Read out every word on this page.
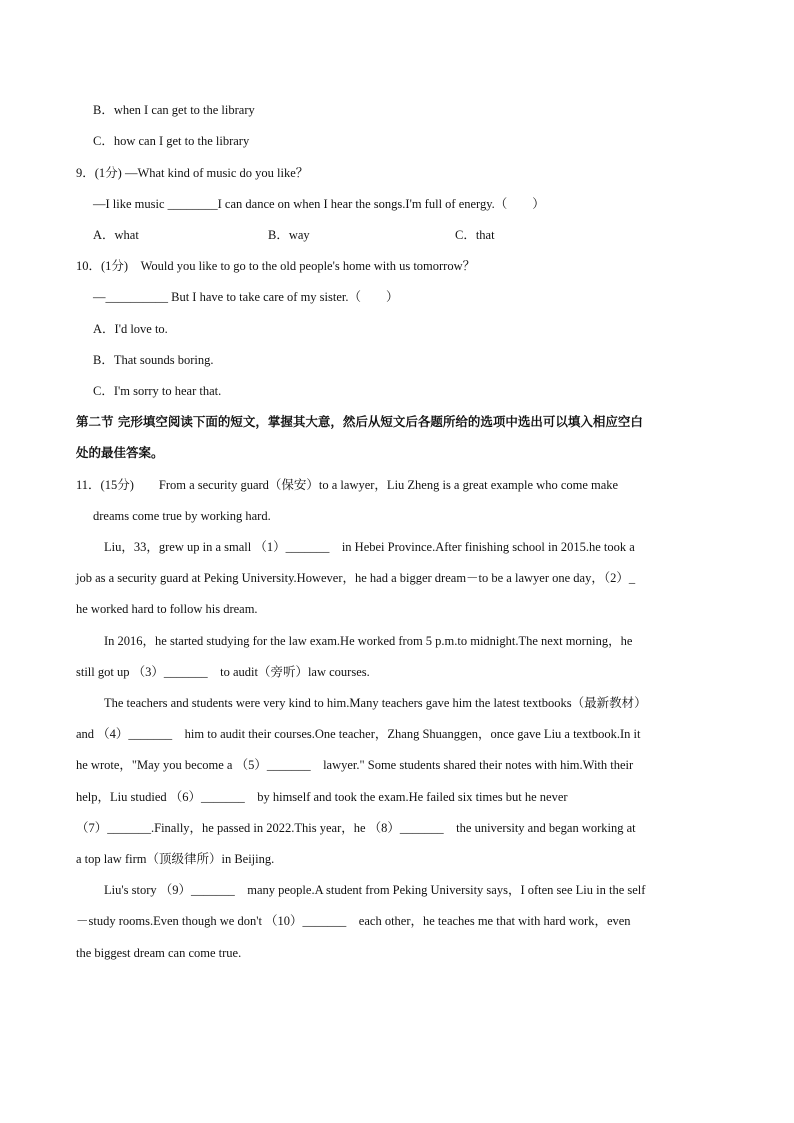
B．when I can get to the library
C．how can I get to the library
9．(1分) —What kind of music do you like？
—I like music ________I can dance on when I hear the songs.I'm full of energy.（　　）
A．what	B．way	C．that
10．(1分)　Would you like to go to the old people's home with us tomorrow？
—__________ But I have to take care of my sister.（　　）
A．I'd love to.
B．That sounds boring.
C．I'm sorry to hear that.
第二节 完形填空阅读下面的短文，掌握其大意，然后从短文后各题所给的选项中选出可以填入相应空白
处的最佳答案。
11．(15分)　　From a security guard（保安）to a lawyer，Liu Zheng is a great example who come make
dreams come true by working hard.
Liu，33，grew up in a small （1）_______　in Hebei Province.After finishing school in 2015.he took a
job as a security guard at Peking University.However，he had a bigger dream－to be a lawyer one day，（2）_
he worked hard to follow his dream.
In 2016，he started studying for the law exam.He worked from 5 p.m.to midnight.The next morning，he
still got up （3）_______　to audit（旁听）law courses.
The teachers and students were very kind to him.Many teachers gave him the latest textbooks（最新教材）
and （4）_______　him to audit their courses.One teacher，Zhang Shuanggen，once gave Liu a textbook.In it
he wrote，"May you become a （5）_______　lawyer." Some students shared their notes with him.With their
help，Liu studied （6）_______　by himself and took the exam.He failed six times but he never
（7）_______.Finally，he passed in 2022.This year，he （8）_______　the university and began working at
a top law firm（顶级律所）in Beijing.
Liu's story （9）_______　many people.A student from Peking University says，I often see Liu in the self
－study rooms.Even though we don't （10）_______　each other，he teaches me that with hard work，even
the biggest dream can come true.
